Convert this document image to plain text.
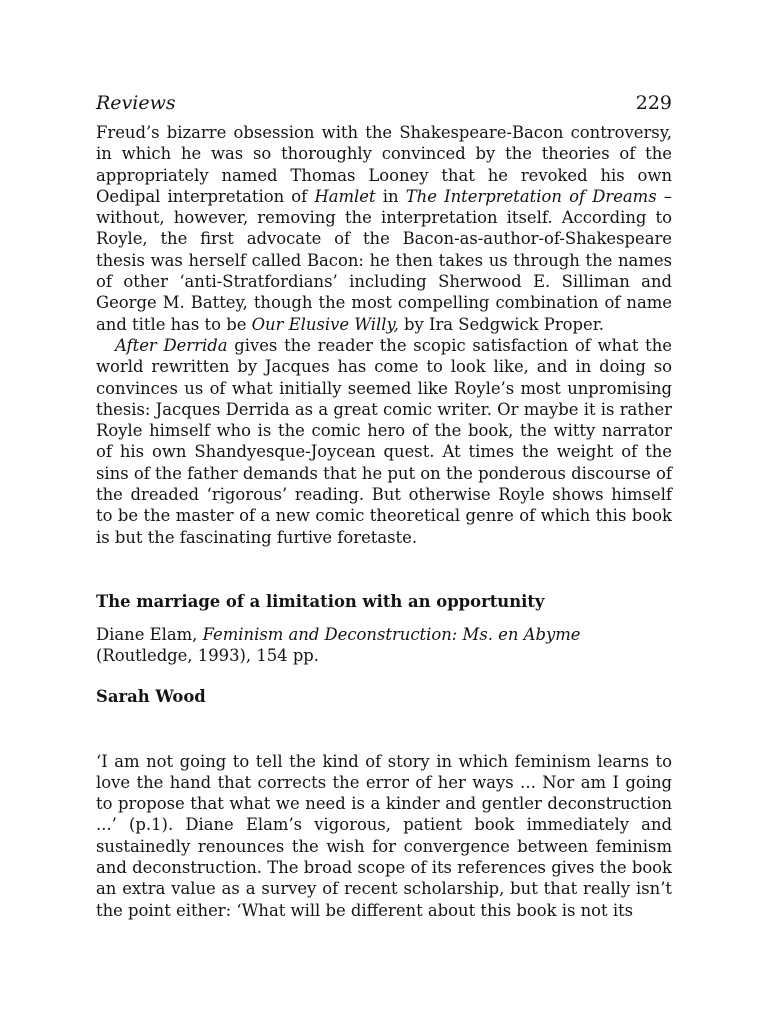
Reviews	229

Freud’s bizarre obsession with the Shakespeare-Bacon controversy, in which he was so thoroughly convinced by the theories of the appropriately named Thomas Looney that he revoked his own Oedipal interpretation of Hamlet in The Interpretation of Dreams – without, however, removing the interpretation itself. According to Royle, the first advocate of the Bacon-as-author-of-Shakespeare thesis was herself called Bacon: he then takes us through the names of other ‘anti-Stratfordians’ including Sherwood E. Silliman and George M. Battey, though the most compelling combination of name and title has to be Our Elusive Willy, by Ira Sedgwick Proper.

After Derrida gives the reader the scopic satisfaction of what the world rewritten by Jacques has come to look like, and in doing so convinces us of what initially seemed like Royle’s most unpromising thesis: Jacques Derrida as a great comic writer. Or maybe it is rather Royle himself who is the comic hero of the book, the witty narrator of his own Shandyesque-Joycean quest. At times the weight of the sins of the father demands that he put on the ponderous discourse of the dreaded ‘rigorous’ reading. But otherwise Royle shows himself to be the master of a new comic theoretical genre of which this book is but the fascinating furtive foretaste.

The marriage of a limitation with an opportunity

Diane Elam, Feminism and Deconstruction: Ms. en Abyme
(Routledge, 1993), 154 pp.

Sarah Wood

‘I am not going to tell the kind of story in which feminism learns to love the hand that corrects the error of her ways ... Nor am I going to propose that what we need is a kinder and gentler deconstruction ...’ (p.1). Diane Elam’s vigorous, patient book immediately and sustainedly renounces the wish for convergence between feminism and deconstruction. The broad scope of its references gives the book an extra value as a survey of recent scholarship, but that really isn’t the point either: ‘What will be different about this book is not its
